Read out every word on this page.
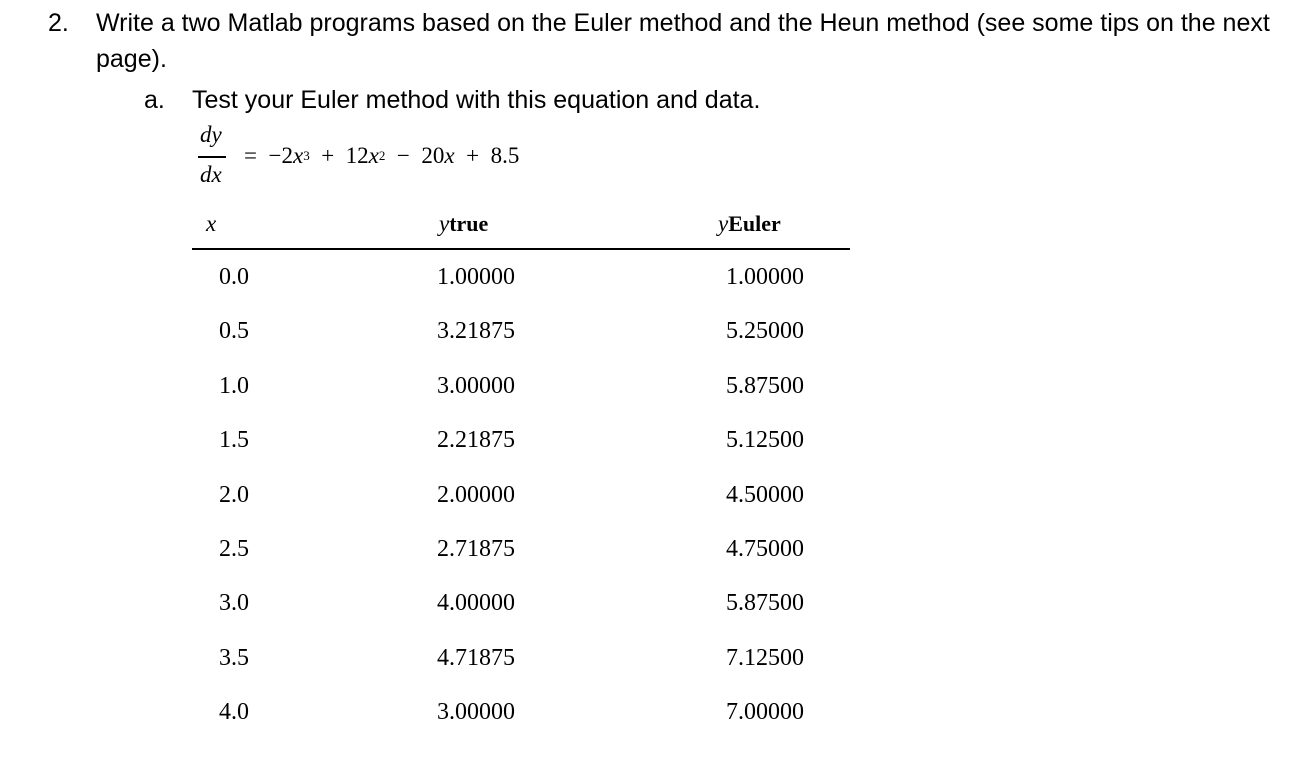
2. Write a two Matlab programs based on the Euler method and the Heun method (see some tips on the next page).
a. Test your Euler method with this equation and data.
dy
dx
= $-2x^3 + 12x^2 - 20x + 8.5$
x	ytrue	yEuler
0.0	1.00000	1.00000
0.5	3.21875	5.25000
1.0	3.00000	5.87500
1.5	2.21875	5.12500
2.0	2.00000	4.50000
2.5	2.71875	4.75000
3.0	4.00000	5.87500
3.5	4.71875	7.12500
4.0	3.00000	7.00000
